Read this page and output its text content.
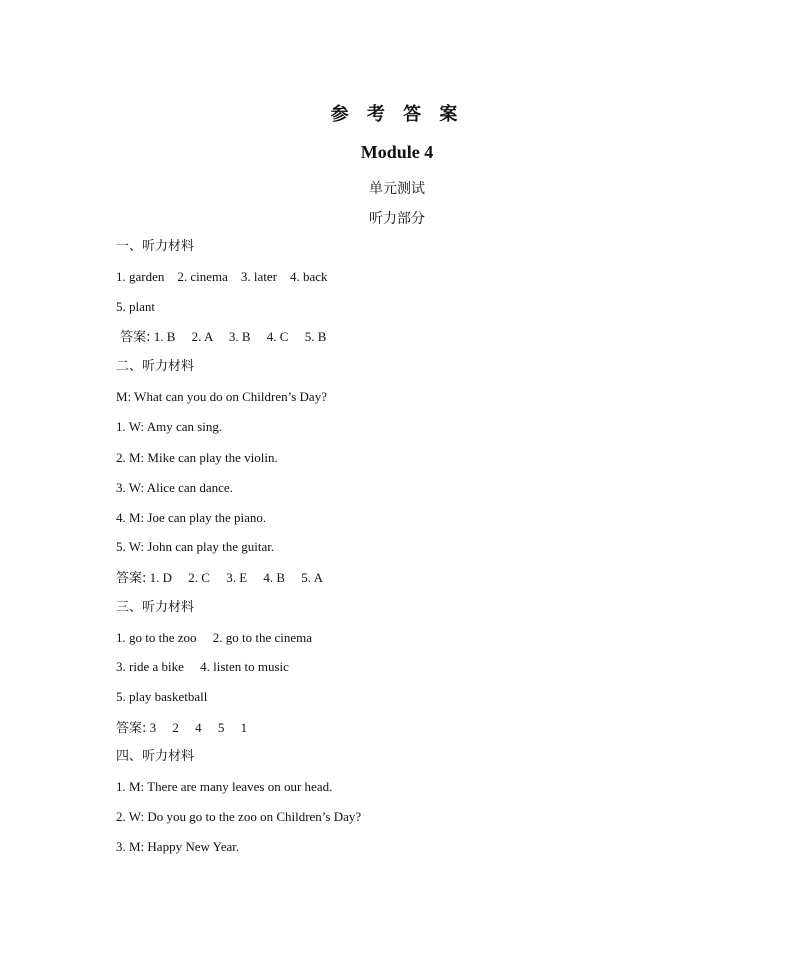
参 考 答 案
Module 4
单元测试
听力部分
一、听力材料
1. garden    2. cinema    3. later    4. back
5. plant
答案: 1. B     2. A     3. B     4. C     5. B
二、听力材料
M: What can you do on Children’s Day?
1. W: Amy can sing.
2. M: Mike can play the violin.
3. W: Alice can dance.
4. M: Joe can play the piano.
5. W: John can play the guitar.
答案: 1. D     2. C     3. E     4. B     5. A
三、听力材料
1. go to the zoo     2. go to the cinema
3. ride a bike     4. listen to music
5. play basketball
答案: 3     2     4     5     1
四、听力材料
1. M: There are many leaves on our head.
2. W: Do you go to the zoo on Children’s Day?
3. M: Happy New Year.
